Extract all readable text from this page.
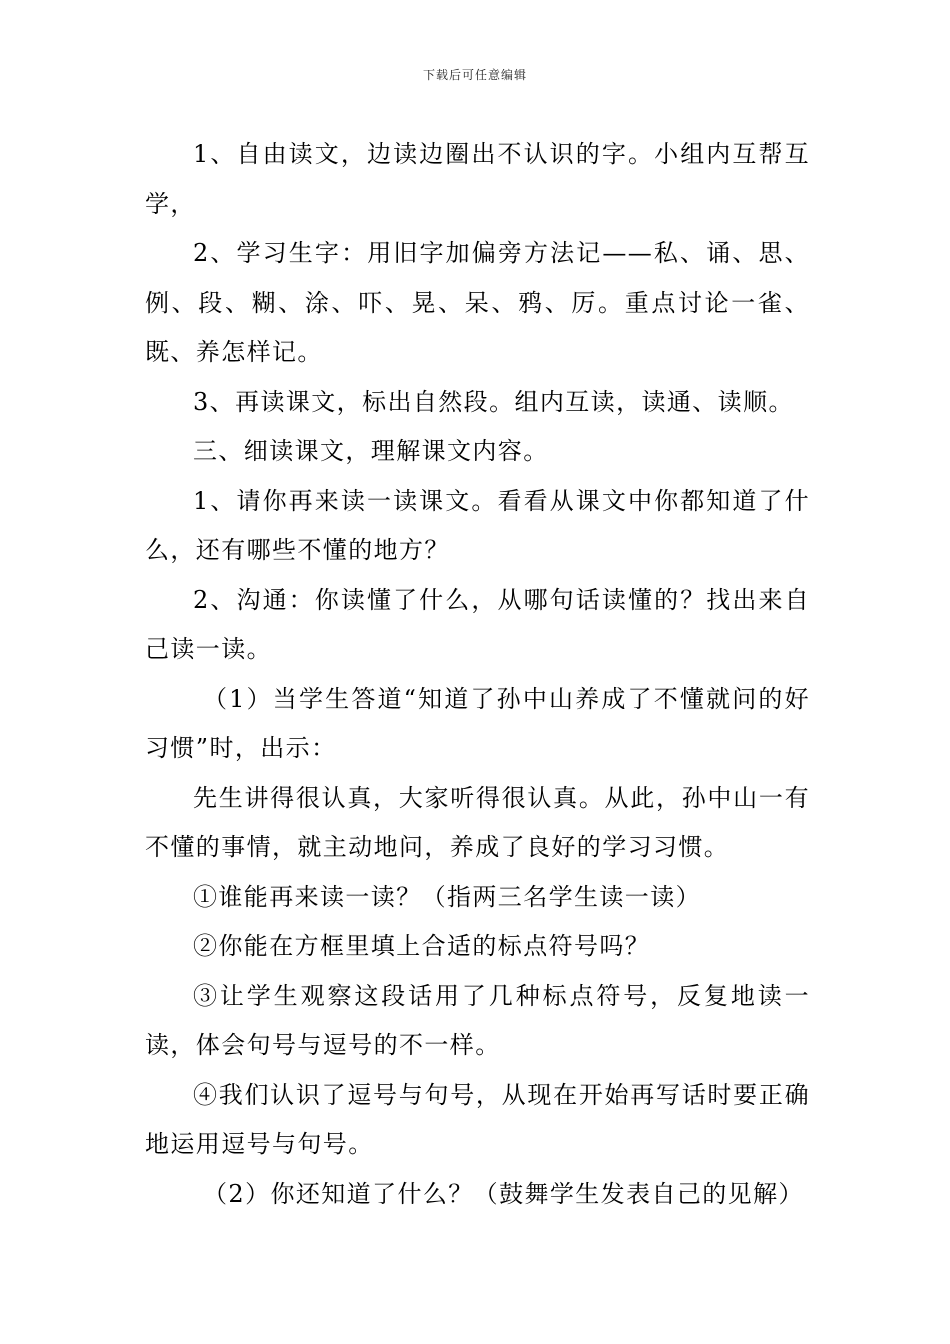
下载后可任意编辑

1、自由读文，边读边圈出不认识的字。小组内互帮互学，

2、学习生字：用旧字加偏旁方法记——私、诵、思、例、段、糊、涂、吓、晃、呆、鸦、厉。重点讨论一雀、既、养怎样记。

3、再读课文，标出自然段。组内互读，读通、读顺。

三、细读课文，理解课文内容。

1、请你再来读一读课文。看看从课文中你都知道了什么，还有哪些不懂的地方？

2、沟通：你读懂了什么，从哪句话读懂的？找出来自己读一读。

（1）当学生答道“知道了孙中山养成了不懂就问的好习惯”时，出示：

先生讲得很认真，大家听得很认真。从此，孙中山一有不懂的事情，就主动地问，养成了良好的学习习惯。

①谁能再来读一读？（指两三名学生读一读）

②你能在方框里填上合适的标点符号吗？

③让学生观察这段话用了几种标点符号，反复地读一读，体会句号与逗号的不一样。

④我们认识了逗号与句号，从现在开始再写话时要正确地运用逗号与句号。

（2）你还知道了什么？（鼓舞学生发表自己的见解）
